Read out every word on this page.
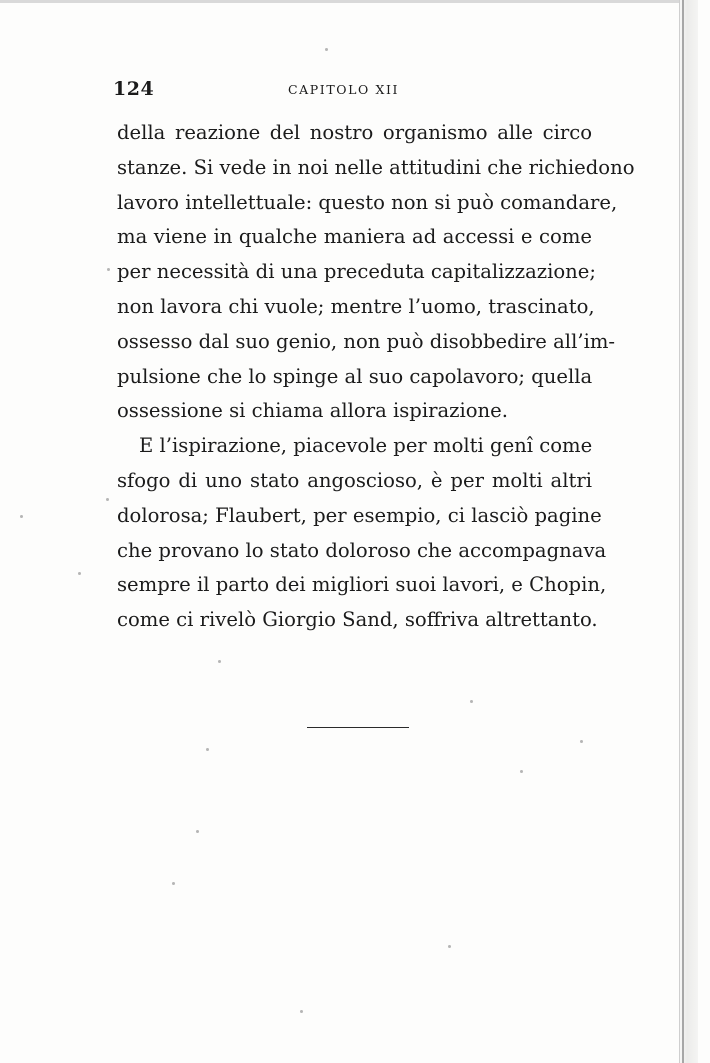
124	CAPITOLO XII
della reazione del nostro organismo alle circo
stanze. Si vede in noi nelle attitudini che richiedono
lavoro intellettuale: questo non si può comandare,
ma viene in qualche maniera ad accessi e come
per necessità di una preceduta capitalizzazione;
non lavora chi vuole; mentre l’uomo, trascinato,
ossesso dal suo genio, non può disobbedire all’im-
pulsione che lo spinge al suo capolavoro; quella
ossessione si chiama allora ispirazione.
E l’ispirazione, piacevole per molti genî come
sfogo di uno stato angoscioso, è per molti altri
dolorosa; Flaubert, per esempio, ci lasciò pagine
che provano lo stato doloroso che accompagnava
sempre il parto dei migliori suoi lavori, e Chopin,
come ci rivelò Giorgio Sand, soffriva altrettanto.
